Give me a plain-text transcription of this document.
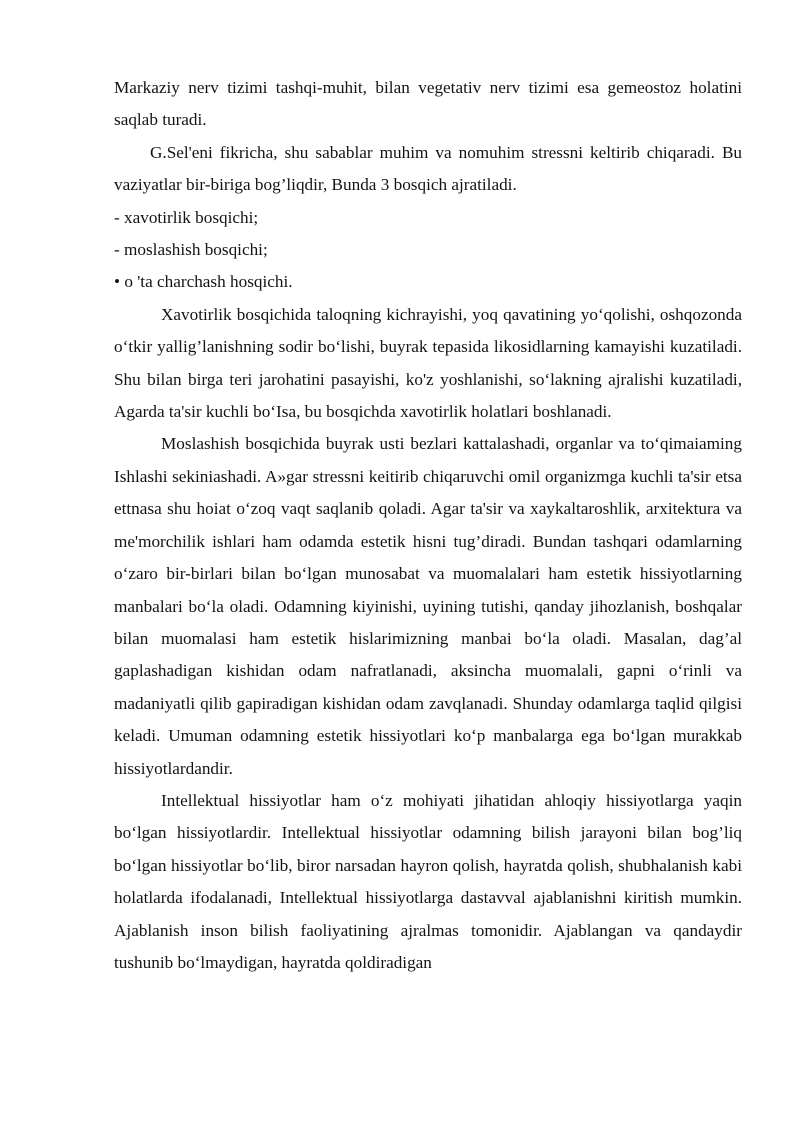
Markaziy nerv tizimi tashqi-muhit, bilan vegetativ nerv tizimi esa gemeostoz holatini saqlab turadi.

G.Sel'eni fikricha, shu sabablar muhim va nomuhim stressni keltirib chiqaradi. Bu vaziyatlar bir-biriga bog’liqdir, Bunda 3 bosqich ajratiladi.

- xavotirlik bosqichi;

- moslashish bosqichi;

• o 'ta charchash hosqichi.

Xavotirlik bosqichida taloqning kichrayishi, yoq qavatining yo‘qolishi, oshqozonda o‘tkir yallig’lanishning sodir bo‘lishi, buyrak tepasida likosidlarning kamayishi kuzatiladi. Shu bilan birga teri jarohatini pasayishi, ko'z yoshlanishi, so‘lakning ajralishi kuzatiladi, Agarda ta'sir kuchli bo‘Isa, bu bosqichda xavotirlik holatlari boshlanadi.

Moslashish bosqichida buyrak usti bezlari kattalashadi, organlar va to‘qimaiaming Ishlashi sekiniashadi. A»gar stressni keitirib chiqaruvchi omil organizmga kuchli ta'sir etsa ettnasa shu hoiat o‘zoq vaqt saqlanib qoladi. Agar ta'sir va xaykaltaroshlik, arxitektura va me'morchilik ishlari ham odamda estetik hisni tug’diradi. Bundan tashqari odamlarning o‘zaro bir-birlari bilan bo‘lgan munosabat va muomalalari ham estetik hissiyotlarning manbalari bo‘la oladi. Odamning kiyinishi, uyining tutishi, qanday jihozlanish, boshqalar bilan muomalasi ham estetik hislarimizning manbai bo‘la oladi. Masalan, dag’al gaplashadigan kishidan odam nafratlanadi, aksincha muomalali, gapni o‘rinli va madaniyatli qilib gapiradigan kishidan odam zavqlanadi. Shunday odamlarga taqlid qilgisi keladi. Umuman odamning estetik hissiyotlari ko‘p manbalarga ega bo‘lgan murakkab hissiyotlardandir.

Intellektual hissiyotlar ham o‘z mohiyati jihatidan ahloqiy hissiyotlarga yaqin bo‘lgan hissiyotlardir. Intellektual hissiyotlar odamning bilish jarayoni bilan bog’liq bo‘lgan hissiyotlar bo‘lib, biror narsadan hayron qolish, hayratda qolish, shubhalanish kabi holatlarda ifodalanadi, Intellektual hissiyotlarga dastavval ajablanishni kiritish mumkin. Ajablanish inson bilish faoliyatining ajralmas tomonidir. Ajablangan va qandaydir tushunib bo‘lmaydigan, hayratda qoldiradigan
